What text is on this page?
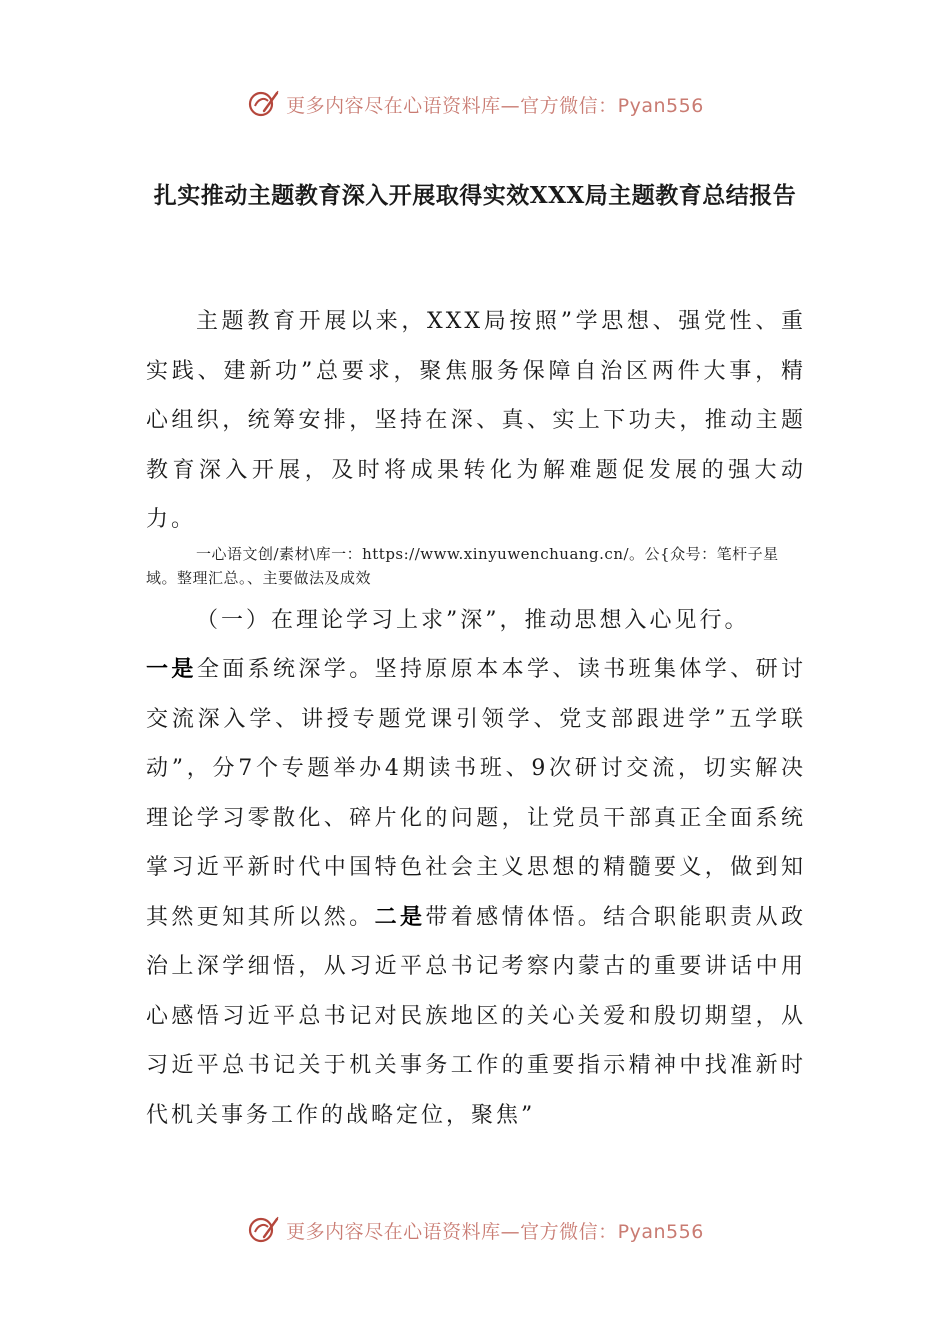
更多内容尽在心语资料库—官方微信：Pyan556
扎实推动主题教育深入开展取得实效XXX局主题教育总结报告

主题教育开展以来，XXX局按照”学思想、强党性、重实践、建新功”总要求，聚焦服务保障自治区两件大事，精心组织，统筹安排，坚持在深、真、实上下功夫，推动主题教育深入开展，及时将成果转化为解难题促发展的强大动力。

一心语文创/素材\库一：https://www.xinyuwenchuang.cn/。公{众号：笔杆子星域。整理汇总。、主要做法及成效

（一）在理论学习上求”深”，推动思想入心见行。

一是全面系统深学。坚持原原本本学、读书班集体学、研讨交流深入学、讲授专题党课引领学、党支部跟进学”五学联动”，分7个专题举办4期读书班、9次研讨交流，切实解决理论学习零散化、碎片化的问题，让党员干部真正全面系统掌习近平新时代中国特色社会主义思想的精髓要义，做到知其然更知其所以然。二是带着感情体悟。结合职能职责从政治上深学细悟，从习近平总书记考察内蒙古的重要讲话中用心感悟习近平总书记对民族地区的关心关爱和殷切期望，从习近平总书记关于机关事务工作的重要指示精神中找准新时代机关事务工作的战略定位，聚焦”

更多内容尽在心语资料库—官方微信：Pyan556
